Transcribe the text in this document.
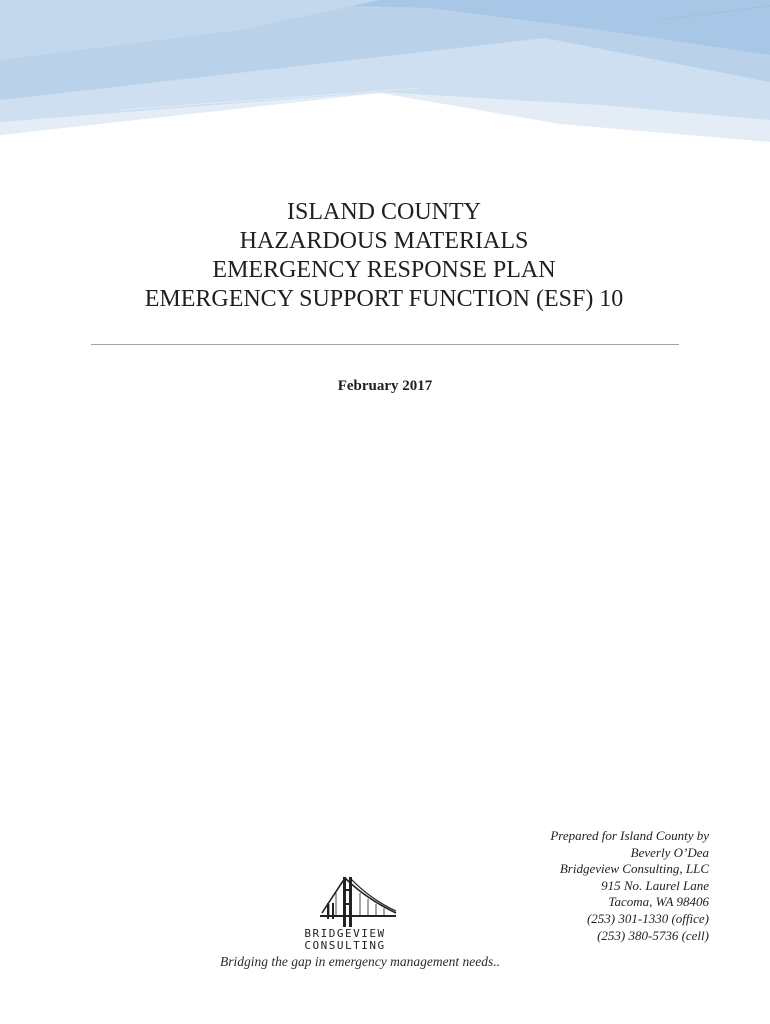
ISLAND COUNTY
HAZARDOUS MATERIALS
EMERGENCY RESPONSE PLAN
EMERGENCY SUPPORT FUNCTION (ESF) 10
February 2017
Prepared for Island County by
Beverly O’Dea
Bridgeview Consulting, LLC
915 No. Laurel Lane
Tacoma, WA 98406
(253) 301-1330 (office)
(253) 380-5736 (cell)
BRIDGEVIEW
CONSULTING
Bridging the gap in emergency management needs..
